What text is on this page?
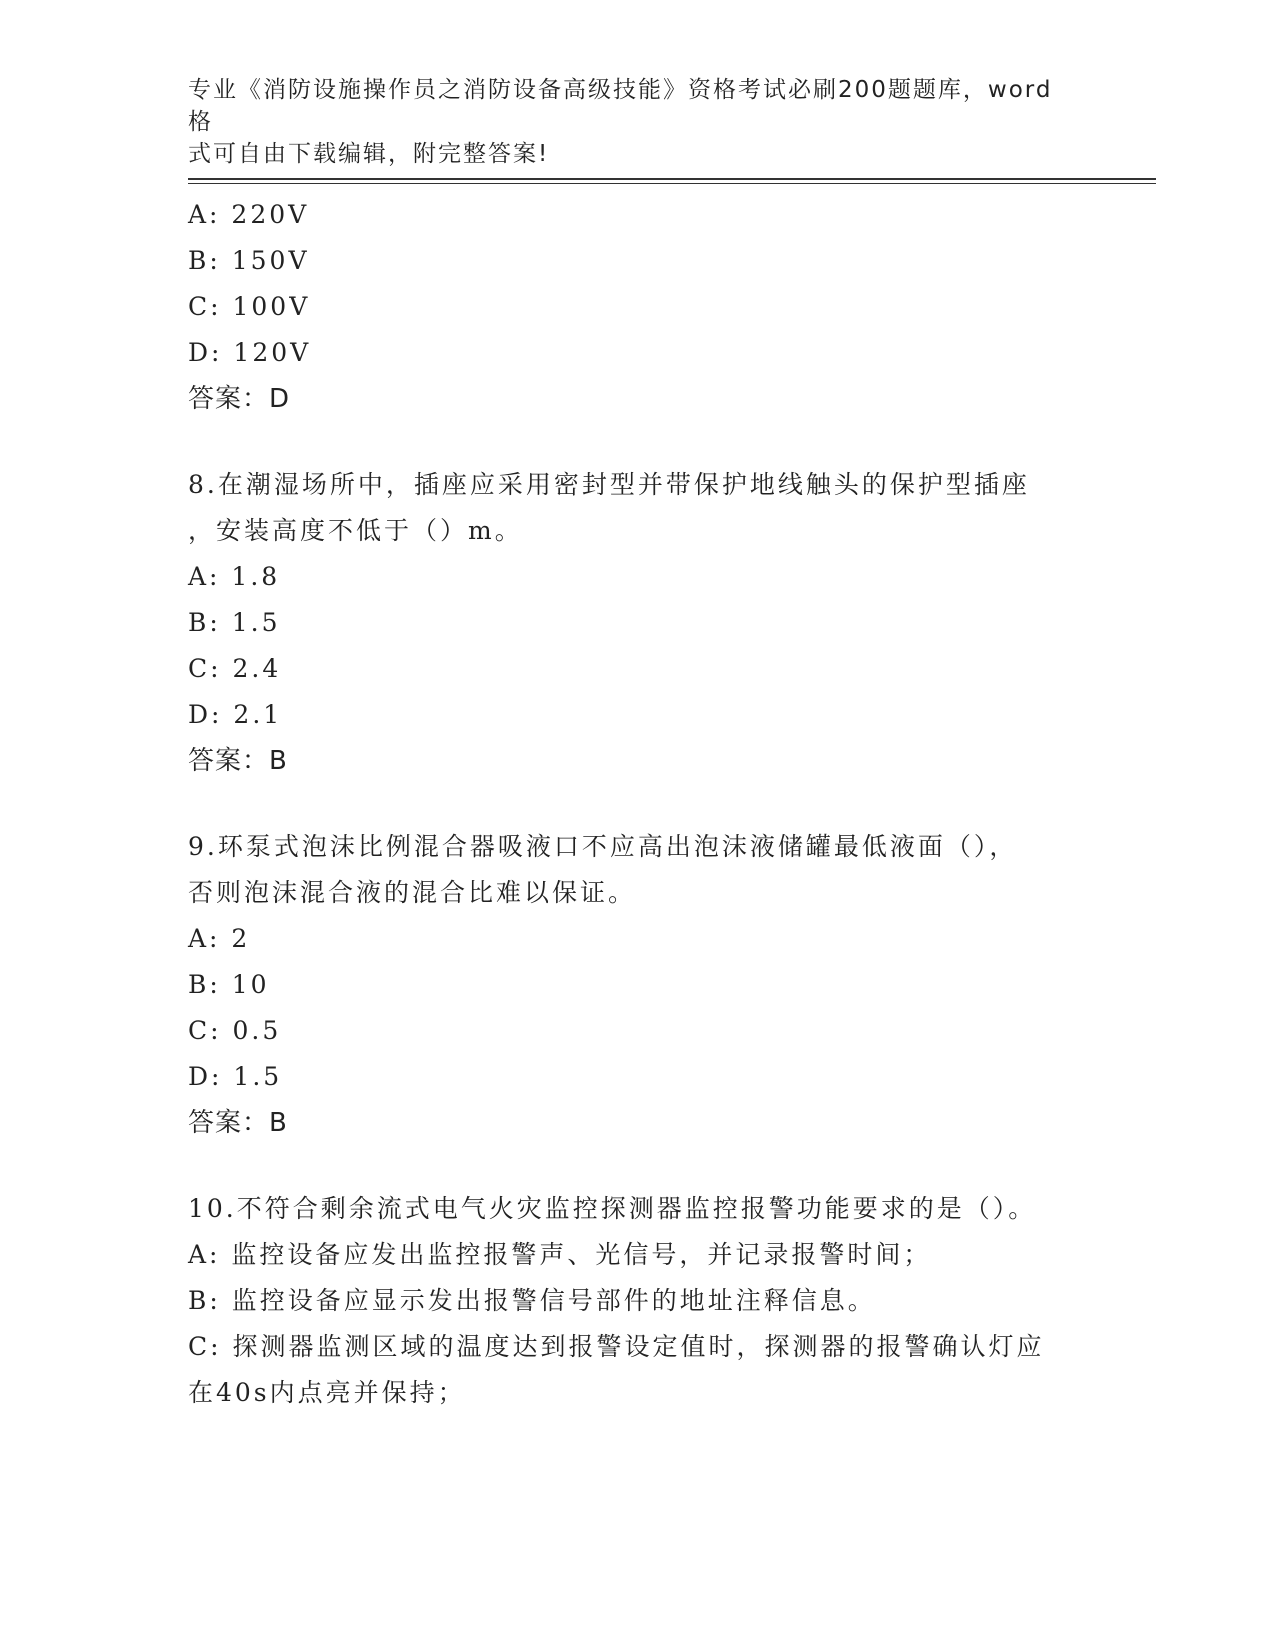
专业《消防设施操作员之消防设备高级技能》资格考试必刷200题题库，word格
式可自由下载编辑，附完整答案!
A: 220V
B: 150V
C: 100V
D: 120V
答案：D
8.在潮湿场所中，插座应采用密封型并带保护地线触头的保护型插座
，安装高度不低于（）m。
A: 1.8
B: 1.5
C: 2.4
D: 2.1
答案：B
9.环泵式泡沫比例混合器吸液口不应高出泡沫液储罐最低液面（），
否则泡沫混合液的混合比难以保证。
A: 2
B: 10
C: 0.5
D: 1.5
答案：B
10.不符合剩余流式电气火灾监控探测器监控报警功能要求的是（）。
A: 监控设备应发出监控报警声、光信号，并记录报警时间；
B: 监控设备应显示发出报警信号部件的地址注释信息。
C: 探测器监测区域的温度达到报警设定值时，探测器的报警确认灯应
在40s内点亮并保持；
